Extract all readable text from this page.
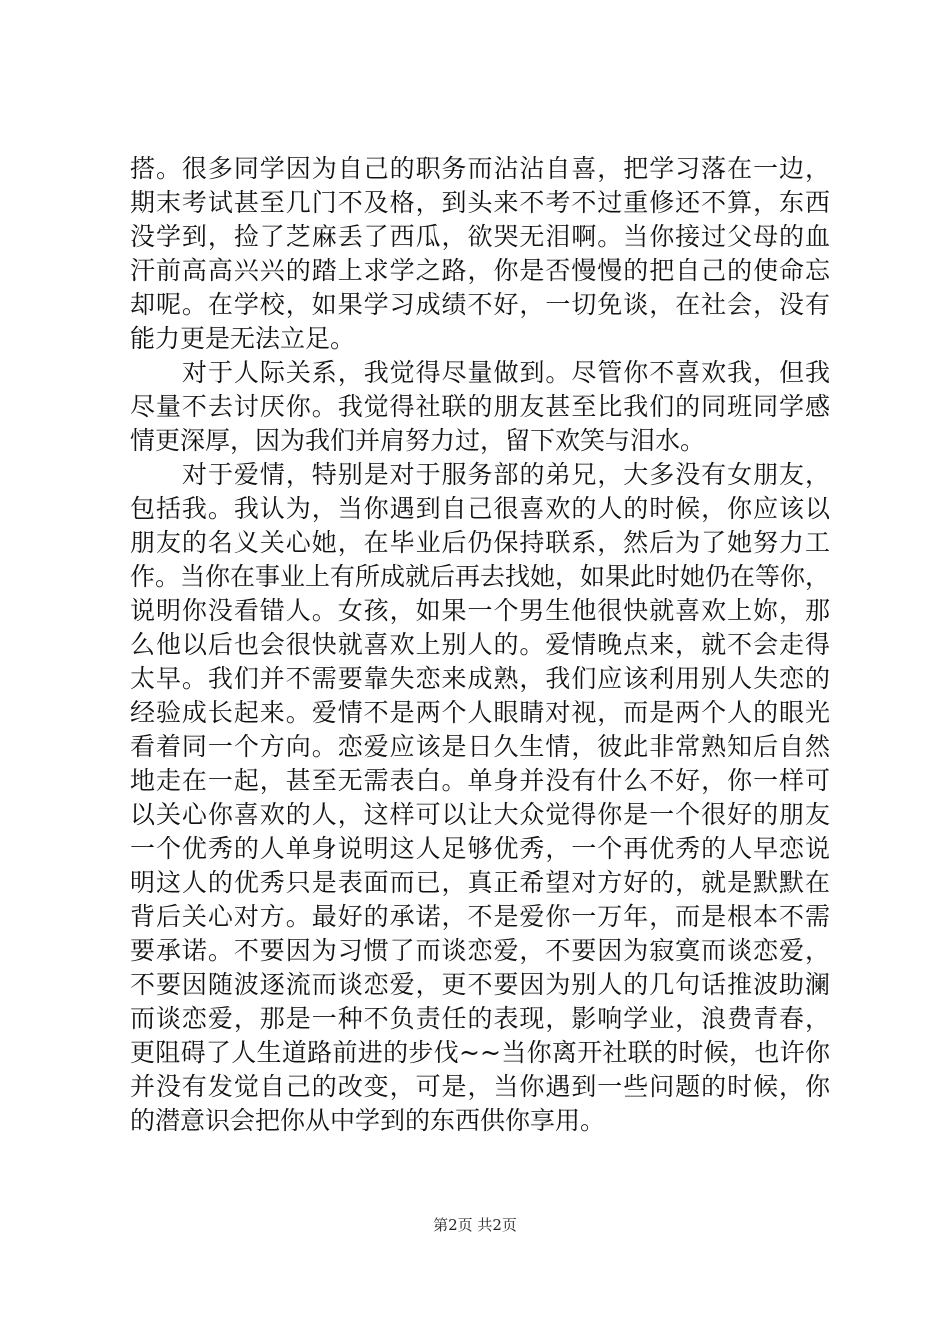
搭。很多同学因为自己的职务而沾沾自喜，把学习落在一边，
期末考试甚至几门不及格，到头来不考不过重修还不算，东西
没学到，捡了芝麻丢了西瓜，欲哭无泪啊。当你接过父母的血
汗前高高兴兴的踏上求学之路，你是否慢慢的把自己的使命忘
却呢。在学校，如果学习成绩不好，一切免谈，在社会，没有
能力更是无法立足。
对于人际关系，我觉得尽量做到。尽管你不喜欢我，但我
尽量不去讨厌你。我觉得社联的朋友甚至比我们的同班同学感
情更深厚，因为我们并肩努力过，留下欢笑与泪水。
对于爱情，特别是对于服务部的弟兄，大多没有女朋友，
包括我。我认为，当你遇到自己很喜欢的人的时候，你应该以
朋友的名义关心她，在毕业后仍保持联系，然后为了她努力工
作。当你在事业上有所成就后再去找她，如果此时她仍在等你，
说明你没看错人。女孩，如果一个男生他很快就喜欢上妳，那
么他以后也会很快就喜欢上别人的。爱情晚点来，就不会走得
太早。我们并不需要靠失恋来成熟，我们应该利用别人失恋的
经验成长起来。爱情不是两个人眼睛对视，而是两个人的眼光
看着同一个方向。恋爱应该是日久生情，彼此非常熟知后自然
地走在一起，甚至无需表白。单身并没有什么不好，你一样可
以关心你喜欢的人，这样可以让大众觉得你是一个很好的朋友
一个优秀的人单身说明这人足够优秀，一个再优秀的人早恋说
明这人的优秀只是表面而已，真正希望对方好的，就是默默在
背后关心对方。最好的承诺，不是爱你一万年，而是根本不需
要承诺。不要因为习惯了而谈恋爱，不要因为寂寞而谈恋爱，
不要因随波逐流而谈恋爱，更不要因为别人的几句话推波助澜
而谈恋爱，那是一种不负责任的表现，影响学业，浪费青春，
更阻碍了人生道路前进的步伐~~当你离开社联的时候，也许你
并没有发觉自己的改变，可是，当你遇到一些问题的时候，你
的潜意识会把你从中学到的东西供你享用。
第2页 共2页
